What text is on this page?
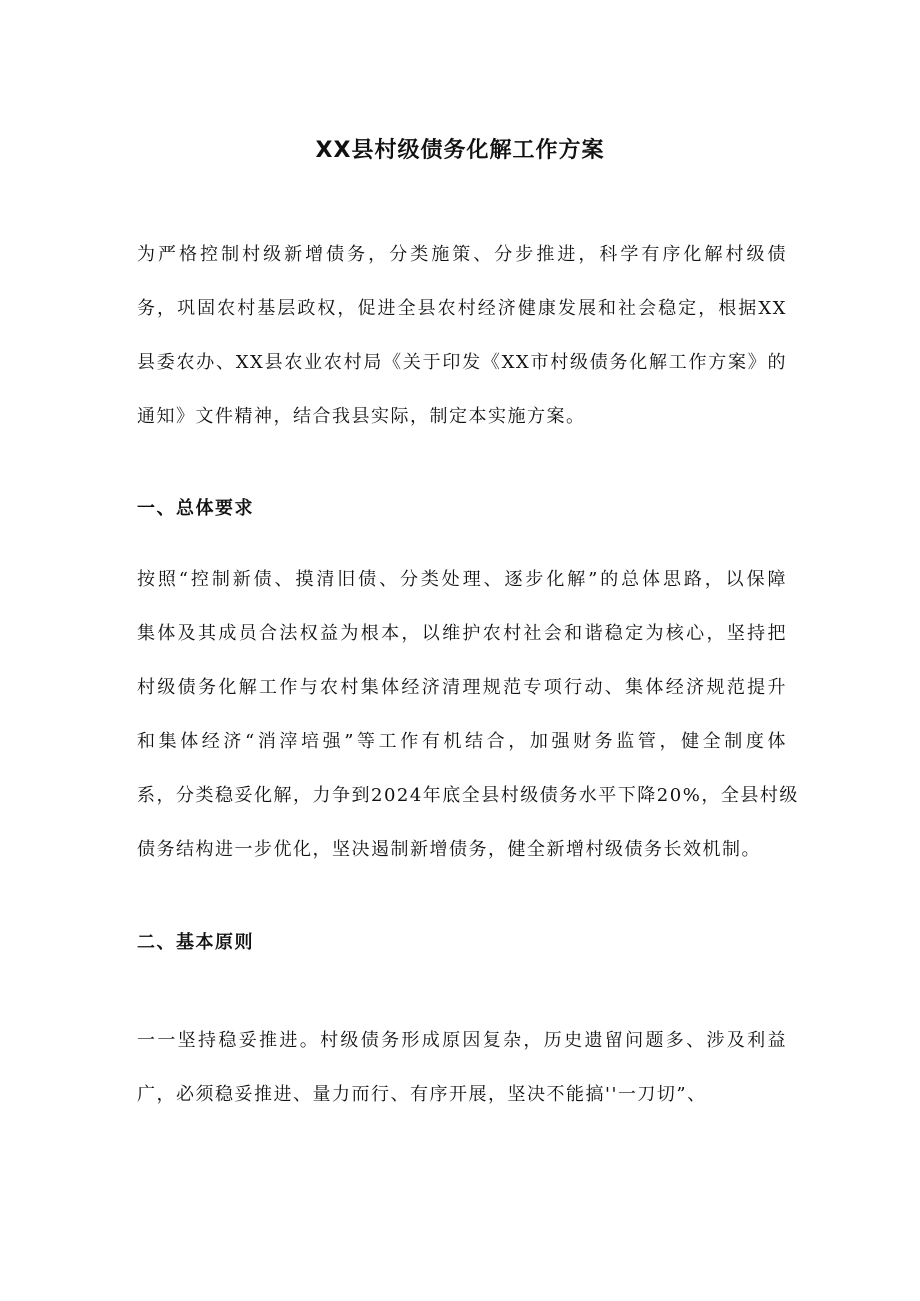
XX县村级债务化解工作方案
为严格控制村级新增债务，分类施策、分步推进，科学有序化解村级债
务，巩固农村基层政权，促进全县农村经济健康发展和社会稳定，根据XX
县委农办、XX县农业农村局《关于印发《XX市村级债务化解工作方案》的
通知》文件精神，结合我县实际，制定本实施方案。
一、总体要求
按照“控制新债、摸清旧债、分类处理、逐步化解”的总体思路，以保障
集体及其成员合法权益为根本，以维护农村社会和谐稳定为核心，坚持把
村级债务化解工作与农村集体经济清理规范专项行动、集体经济规范提升
和集体经济“消滓培强”等工作有机结合，加强财务监管，健全制度体
系，分类稳妥化解，力争到2024年底全县村级债务水平下降20%，全县村级
债务结构进一步优化，坚决遏制新增债务，健全新增村级债务长效机制。
二、基本原则
一一坚持稳妥推进。村级债务形成原因复杂，历史遗留问题多、涉及利益
广，必须稳妥推进、量力而行、有序开展，坚决不能搞''一刀切”、
